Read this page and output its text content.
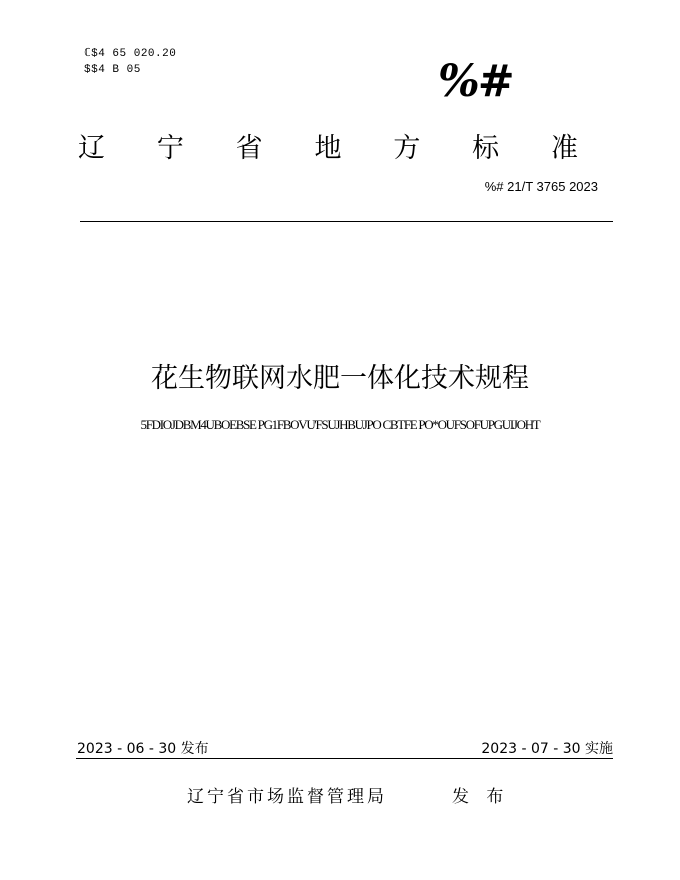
ℂ$4 65 020.20
$$4 B 05	%#
辽 宁 省 地 方 标 准
%# 21/T 3765 2023
花生物联网水肥一体化技术规程
5FDIOJDBM4UBOEBSE PG1FBOVU'FSUJHBUJPO CBTFE PO*OUFSOFUPGUIJOHT
2023 - 06 - 30 发布	2023 - 07 - 30 实施
辽宁省市场监督管理局	发 布
